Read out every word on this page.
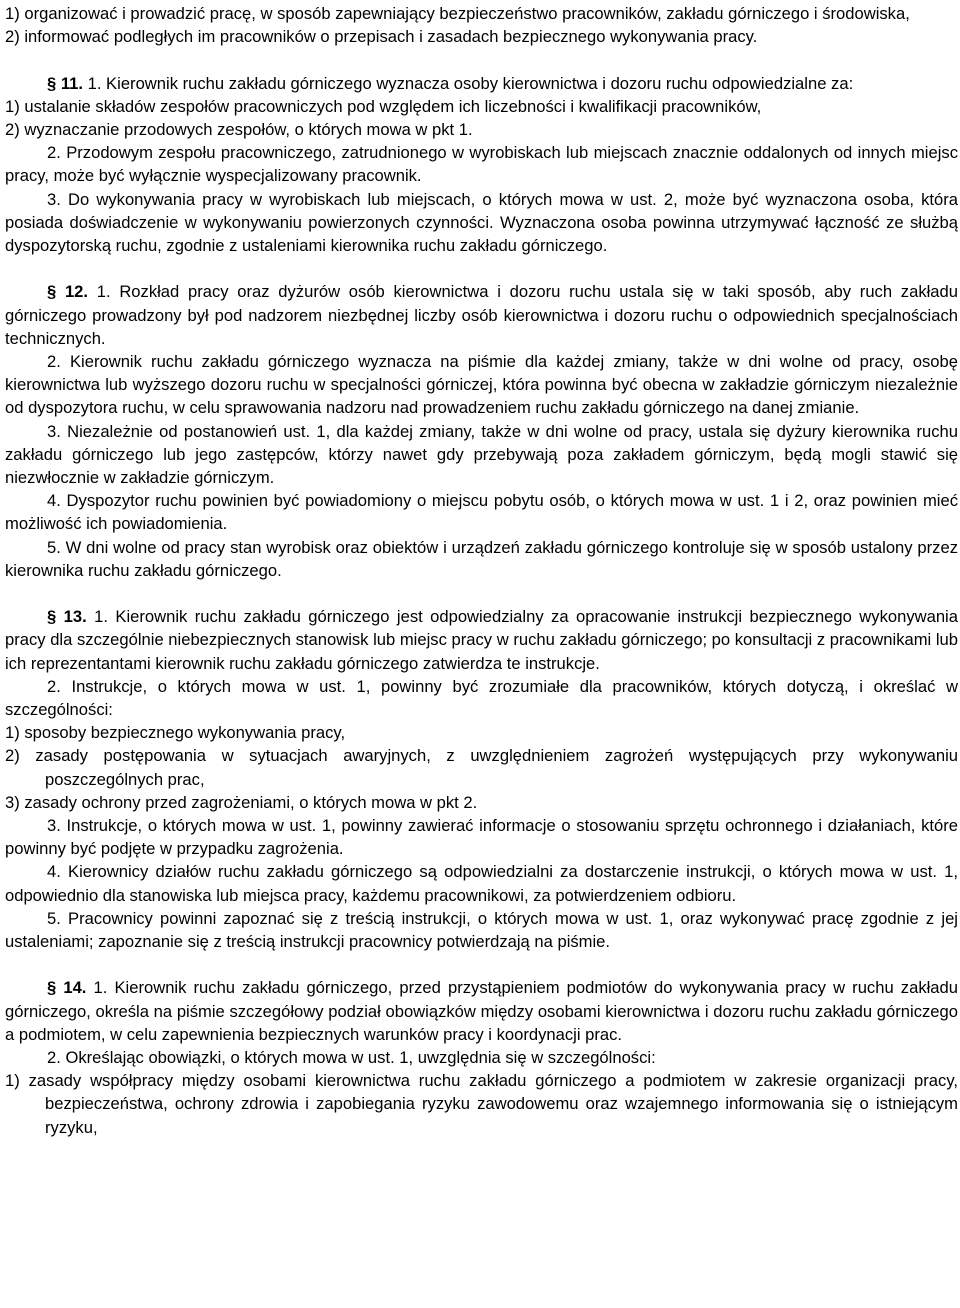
1) organizować i prowadzić pracę, w sposób zapewniający bezpieczeństwo pracowników, zakładu górniczego i środowiska,

2) informować podległych im pracowników o przepisach i zasadach bezpiecznego wykonywania pracy.

§ 11. 1. Kierownik ruchu zakładu górniczego wyznacza osoby kierownictwa i dozoru ruchu odpowiedzialne za:

1) ustalanie składów zespołów pracowniczych pod względem ich liczebności i kwalifikacji pracowników,

2) wyznaczanie przodowych zespołów, o których mowa w pkt 1.

2. Przodowym zespołu pracowniczego, zatrudnionego w wyrobiskach lub miejscach znacznie oddalonych od innych miejsc pracy, może być wyłącznie wyspecjalizowany pracownik.

3. Do wykonywania pracy w wyrobiskach lub miejscach, o których mowa w ust. 2, może być wyznaczona osoba, która posiada doświadczenie w wykonywaniu powierzonych czynności. Wyznaczona osoba powinna utrzymywać łączność ze służbą dyspozytorską ruchu, zgodnie z ustaleniami kierownika ruchu zakładu górniczego.

§ 12. 1. Rozkład pracy oraz dyżurów osób kierownictwa i dozoru ruchu ustala się w taki sposób, aby ruch zakładu górniczego prowadzony był pod nadzorem niezbędnej liczby osób kierownictwa i dozoru ruchu o odpowiednich specjalnościach technicznych.

2. Kierownik ruchu zakładu górniczego wyznacza na piśmie dla każdej zmiany, także w dni wolne od pracy, osobę kierownictwa lub wyższego dozoru ruchu w specjalności górniczej, która powinna być obecna w zakładzie górniczym niezależnie od dyspozytora ruchu, w celu sprawowania nadzoru nad prowadzeniem ruchu zakładu górniczego na danej zmianie.

3. Niezależnie od postanowień ust. 1, dla każdej zmiany, także w dni wolne od pracy, ustala się dyżury kierownika ruchu zakładu górniczego lub jego zastępców, którzy nawet gdy przebywają poza zakładem górniczym, będą mogli stawić się niezwłocznie w zakładzie górniczym.

4. Dyspozytor ruchu powinien być powiadomiony o miejscu pobytu osób, o których mowa w ust. 1 i 2, oraz powinien mieć możliwość ich powiadomienia.

5. W dni wolne od pracy stan wyrobisk oraz obiektów i urządzeń zakładu górniczego kontroluje się w sposób ustalony przez kierownika ruchu zakładu górniczego.

§ 13. 1. Kierownik ruchu zakładu górniczego jest odpowiedzialny za opracowanie instrukcji bezpiecznego wykonywania pracy dla szczególnie niebezpiecznych stanowisk lub miejsc pracy w ruchu zakładu górniczego; po konsultacji z pracownikami lub ich reprezentantami kierownik ruchu zakładu górniczego zatwierdza te instrukcje.

2. Instrukcje, o których mowa w ust. 1, powinny być zrozumiałe dla pracowników, których dotyczą, i określać w szczególności:

1) sposoby bezpiecznego wykonywania pracy,

2) zasady postępowania w sytuacjach awaryjnych, z uwzględnieniem zagrożeń występujących przy wykonywaniu poszczególnych prac,

3) zasady ochrony przed zagrożeniami, o których mowa w pkt 2.

3. Instrukcje, o których mowa w ust. 1, powinny zawierać informacje o stosowaniu sprzętu ochronnego i działaniach, które powinny być podjęte w przypadku zagrożenia.

4. Kierownicy działów ruchu zakładu górniczego są odpowiedzialni za dostarczenie instrukcji, o których mowa w ust. 1, odpowiednio dla stanowiska lub miejsca pracy, każdemu pracownikowi, za potwierdzeniem odbioru.

5. Pracownicy powinni zapoznać się z treścią instrukcji, o których mowa w ust. 1, oraz wykonywać pracę zgodnie z jej ustaleniami; zapoznanie się z treścią instrukcji pracownicy potwierdzają na piśmie.

§ 14. 1. Kierownik ruchu zakładu górniczego, przed przystąpieniem podmiotów do wykonywania pracy w ruchu zakładu górniczego, określa na piśmie szczegółowy podział obowiązków między osobami kierownictwa i dozoru ruchu zakładu górniczego a podmiotem, w celu zapewnienia bezpiecznych warunków pracy i koordynacji prac.

2. Określając obowiązki, o których mowa w ust. 1, uwzględnia się w szczególności:

1) zasady współpracy między osobami kierownictwa ruchu zakładu górniczego a podmiotem w zakresie organizacji pracy, bezpieczeństwa, ochrony zdrowia i zapobiegania ryzyku zawodowemu oraz wzajemnego informowania się o istniejącym ryzyku,
